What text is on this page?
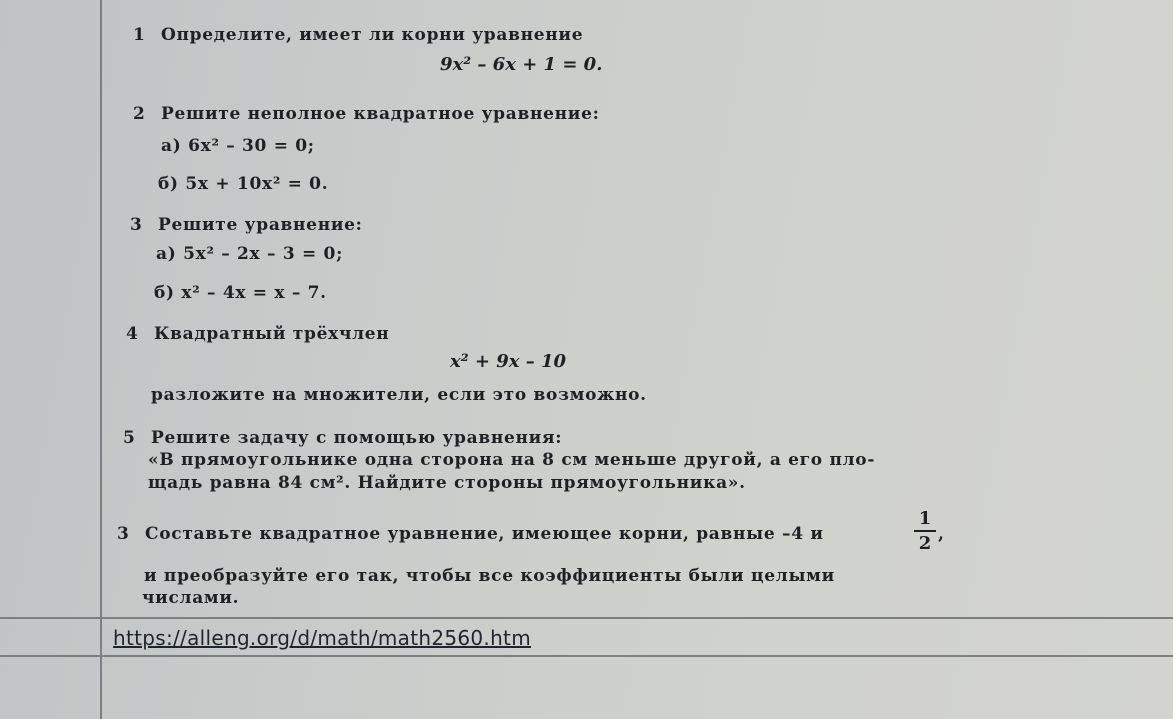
1 Определите, имеет ли корни уравнение
9x² – 6x + 1 = 0.
2 Решите неполное квадратное уравнение:
а) 6x² – 30 = 0;
б) 5x + 10x² = 0.
3 Решите уравнение:
а) 5x² – 2x – 3 = 0;
б) x² – 4x = x – 7.
4 Квадратный трёхчлен
x² + 9x – 10
разложите на множители, если это возможно.
5 Решите задачу с помощью уравнения:
«В прямоугольнике одна сторона на 8 см меньше другой, а его пло-
щадь равна 84 см². Найдите стороны прямоугольника».
3 Составьте квадратное уравнение, имеющее корни, равные –4 и
1
2 ,
и преобразуйте его так, чтобы все коэффициенты были целыми
числами.
https://alleng.org/d/math/math2560.htm
